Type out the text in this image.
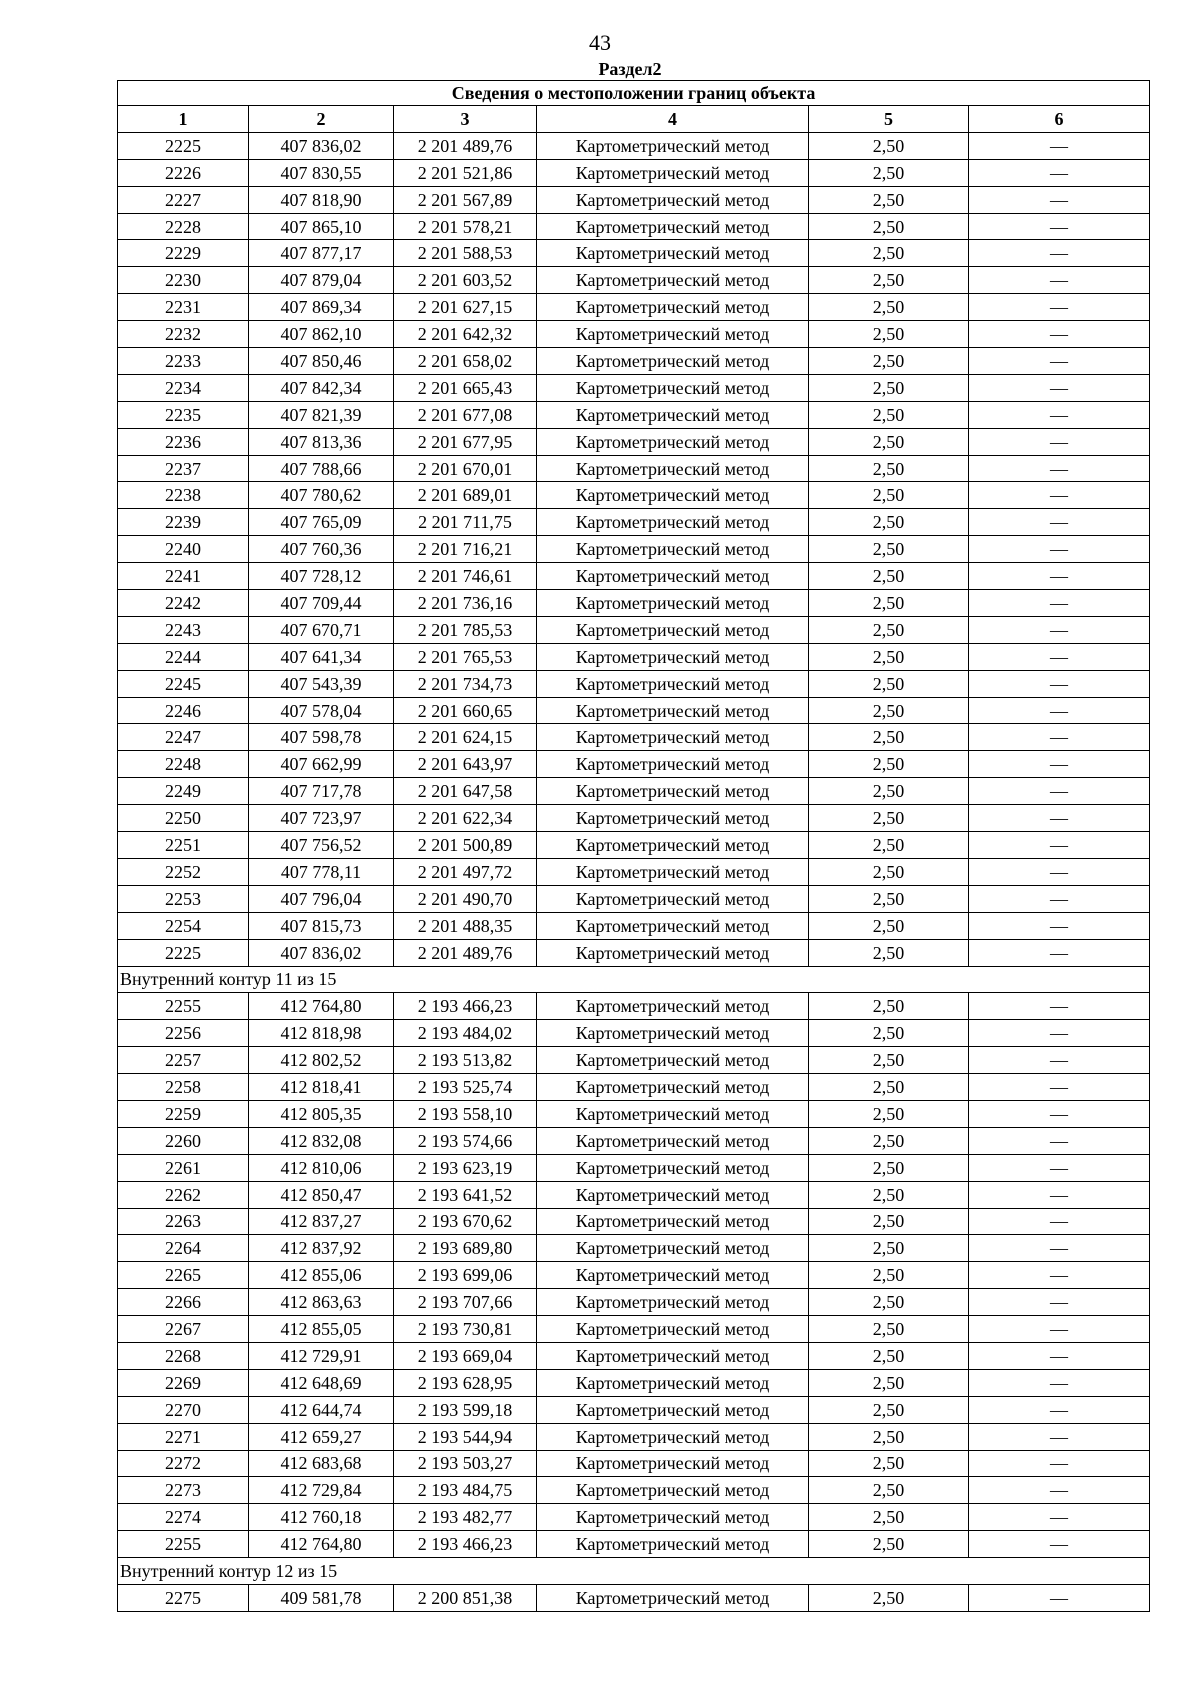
43
Раздел2
Сведения о местоположении границ объекта					
1	2	3	4	5	6
2225	407 836,02	2 201 489,76	Картометрический метод	2,50	—
2226	407 830,55	2 201 521,86	Картометрический метод	2,50	—
2227	407 818,90	2 201 567,89	Картометрический метод	2,50	—
2228	407 865,10	2 201 578,21	Картометрический метод	2,50	—
2229	407 877,17	2 201 588,53	Картометрический метод	2,50	—
2230	407 879,04	2 201 603,52	Картометрический метод	2,50	—
2231	407 869,34	2 201 627,15	Картометрический метод	2,50	—
2232	407 862,10	2 201 642,32	Картометрический метод	2,50	—
2233	407 850,46	2 201 658,02	Картометрический метод	2,50	—
2234	407 842,34	2 201 665,43	Картометрический метод	2,50	—
2235	407 821,39	2 201 677,08	Картометрический метод	2,50	—
2236	407 813,36	2 201 677,95	Картометрический метод	2,50	—
2237	407 788,66	2 201 670,01	Картометрический метод	2,50	—
2238	407 780,62	2 201 689,01	Картометрический метод	2,50	—
2239	407 765,09	2 201 711,75	Картометрический метод	2,50	—
2240	407 760,36	2 201 716,21	Картометрический метод	2,50	—
2241	407 728,12	2 201 746,61	Картометрический метод	2,50	—
2242	407 709,44	2 201 736,16	Картометрический метод	2,50	—
2243	407 670,71	2 201 785,53	Картометрический метод	2,50	—
2244	407 641,34	2 201 765,53	Картометрический метод	2,50	—
2245	407 543,39	2 201 734,73	Картометрический метод	2,50	—
2246	407 578,04	2 201 660,65	Картометрический метод	2,50	—
2247	407 598,78	2 201 624,15	Картометрический метод	2,50	—
2248	407 662,99	2 201 643,97	Картометрический метод	2,50	—
2249	407 717,78	2 201 647,58	Картометрический метод	2,50	—
2250	407 723,97	2 201 622,34	Картометрический метод	2,50	—
2251	407 756,52	2 201 500,89	Картометрический метод	2,50	—
2252	407 778,11	2 201 497,72	Картометрический метод	2,50	—
2253	407 796,04	2 201 490,70	Картометрический метод	2,50	—
2254	407 815,73	2 201 488,35	Картометрический метод	2,50	—
2225	407 836,02	2 201 489,76	Картометрический метод	2,50	—
Внутренний контур 11 из 15					
2255	412 764,80	2 193 466,23	Картометрический метод	2,50	—
2256	412 818,98	2 193 484,02	Картометрический метод	2,50	—
2257	412 802,52	2 193 513,82	Картометрический метод	2,50	—
2258	412 818,41	2 193 525,74	Картометрический метод	2,50	—
2259	412 805,35	2 193 558,10	Картометрический метод	2,50	—
2260	412 832,08	2 193 574,66	Картометрический метод	2,50	—
2261	412 810,06	2 193 623,19	Картометрический метод	2,50	—
2262	412 850,47	2 193 641,52	Картометрический метод	2,50	—
2263	412 837,27	2 193 670,62	Картометрический метод	2,50	—
2264	412 837,92	2 193 689,80	Картометрический метод	2,50	—
2265	412 855,06	2 193 699,06	Картометрический метод	2,50	—
2266	412 863,63	2 193 707,66	Картометрический метод	2,50	—
2267	412 855,05	2 193 730,81	Картометрический метод	2,50	—
2268	412 729,91	2 193 669,04	Картометрический метод	2,50	—
2269	412 648,69	2 193 628,95	Картометрический метод	2,50	—
2270	412 644,74	2 193 599,18	Картометрический метод	2,50	—
2271	412 659,27	2 193 544,94	Картометрический метод	2,50	—
2272	412 683,68	2 193 503,27	Картометрический метод	2,50	—
2273	412 729,84	2 193 484,75	Картометрический метод	2,50	—
2274	412 760,18	2 193 482,77	Картометрический метод	2,50	—
2255	412 764,80	2 193 466,23	Картометрический метод	2,50	—
Внутренний контур 12 из 15					
2275	409 581,78	2 200 851,38	Картометрический метод	2,50	—
